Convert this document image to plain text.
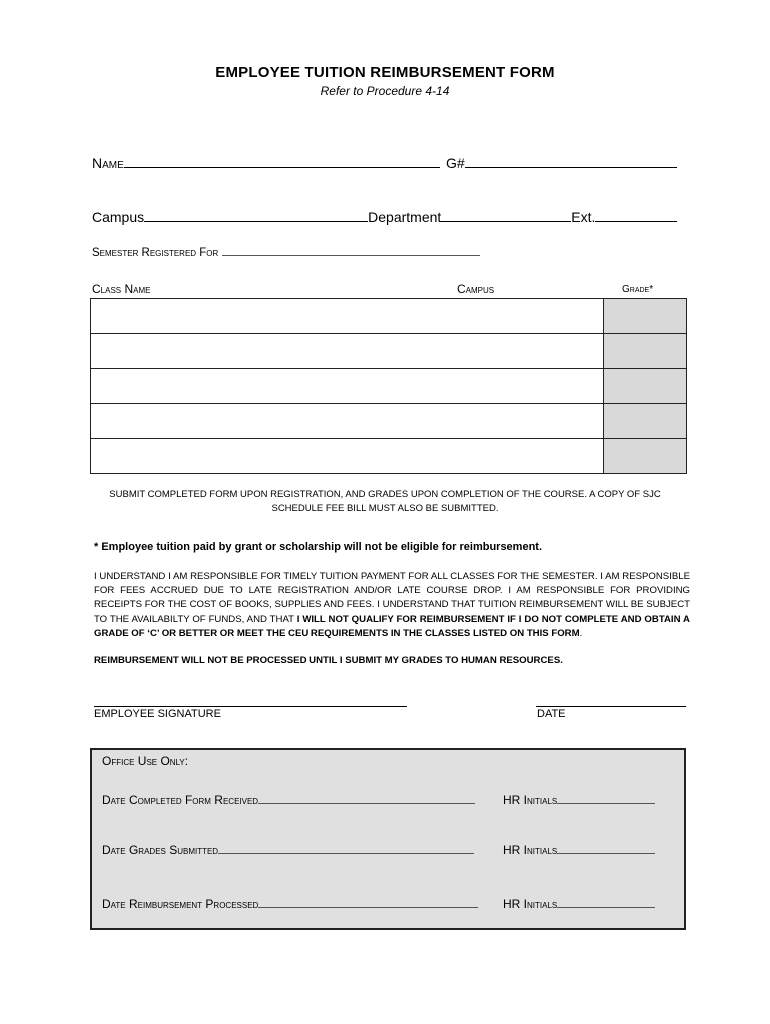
EMPLOYEE TUITION REIMBURSEMENT FORM
Refer to Procedure 4-14
Name	G#
Campus	Department	Ext.
Semester Registered For
Class Name	Campus	Grade*

SUBMIT COMPLETED FORM UPON REGISTRATION, AND GRADES UPON COMPLETION OF THE COURSE. A COPY OF SJC
SCHEDULE FEE BILL MUST ALSO BE SUBMITTED.
* Employee tuition paid by grant or scholarship will not be eligible for reimbursement.
I UNDERSTAND I AM RESPONSIBLE FOR TIMELY TUITION PAYMENT FOR ALL CLASSES FOR THE SEMESTER. I AM RESPONSIBLE FOR FEES ACCRUED DUE TO LATE REGISTRATION AND/OR LATE COURSE DROP. I AM RESPONSIBLE FOR PROVIDING RECEIPTS FOR THE COST OF BOOKS, SUPPLIES AND FEES. I UNDERSTAND THAT TUITION REIMBURSEMENT WILL BE SUBJECT TO THE AVAILABILTY OF FUNDS, AND THAT I WILL NOT QUALIFY FOR REIMBURSEMENT IF I DO NOT COMPLETE AND OBTAIN A GRADE OF ‘C’ OR BETTER OR MEET THE CEU REQUIREMENTS IN THE CLASSES LISTED ON THIS FORM.
REIMBURSEMENT WILL NOT BE PROCESSED UNTIL I SUBMIT MY GRADES TO HUMAN RESOURCES.
EMPLOYEE SIGNATURE	DATE
Office Use Only:
Date Completed Form Received	HR Initials
Date Grades Submitted	HR Initials
Date Reimbursement Processed	HR Initials
